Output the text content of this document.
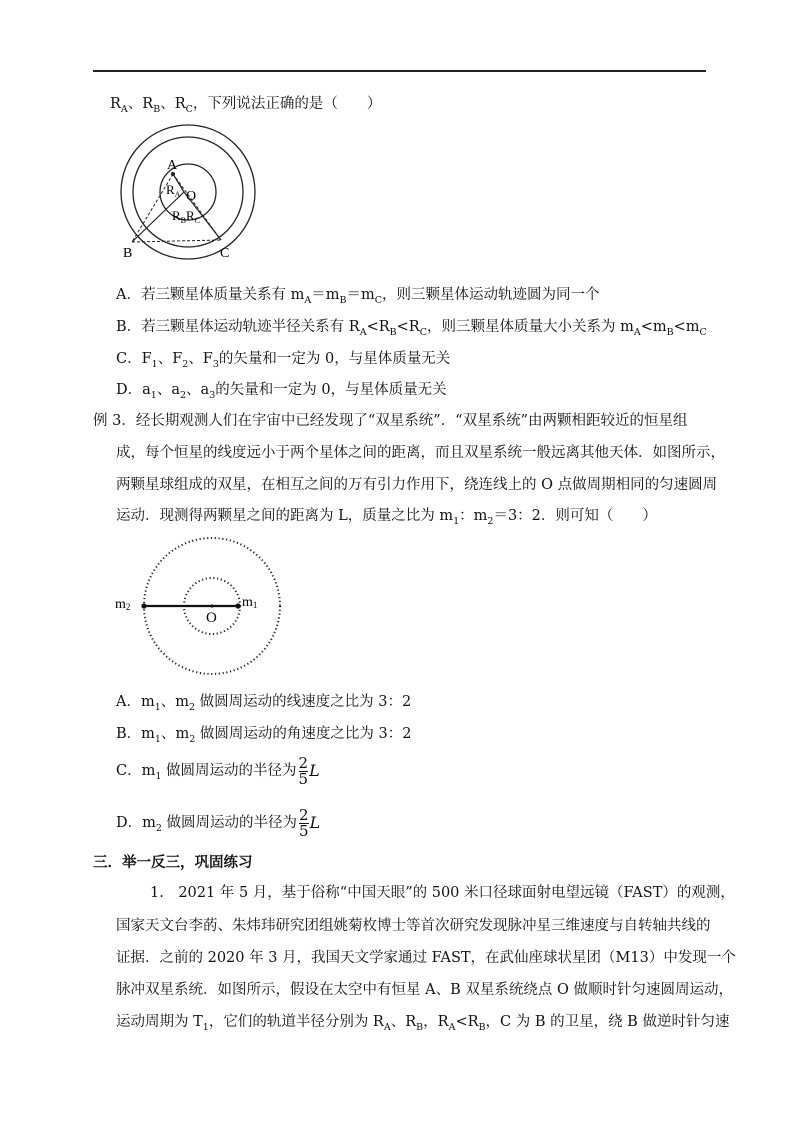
$R_A$、$R_B$、$R_C$，下列说法正确的是（　　）
A
B	C
O
$R_A$
$R_B$ $R_C$
A．若三颗星体质量关系有 $m_A=m_B=m_C$，则三颗星体运动轨迹圆为同一个
B．若三颗星体运动轨迹半径关系有 $R_A<R_B<R_C$，则三颗星体质量大小关系为 $m_A<m_B<m_C$
C．$F_1$、$F_2$、$F_3$的矢量和一定为 0，与星体质量无关
D．$a_1$、$a_2$、$a_3$的矢量和一定为 0，与星体质量无关
例 3．经长期观测人们在宇宙中已经发现了“双星系统”．“双星系统”由两颗相距较近的恒星组
成，每个恒星的线度远小于两个星体之间的距离，而且双星系统一般远离其他天体．如图所示，
两颗星球组成的双星，在相互之间的万有引力作用下，绕连线上的 O 点做周期相同的匀速圆周
运动．现测得两颗星之间的距离为 L，质量之比为 $m_1$：$m_2=3$：2．则可知（　　）
m2	m1
O
A．$m_1$、$m_2$ 做圆周运动的线速度之比为 3：2
B．$m_1$、$m_2$ 做圆周运动的角速度之比为 3：2
C．$m_1$ 做圆周运动的半径为 $\frac{2}{5}$ L
D．$m_2$ 做圆周运动的半径为 $\frac{2}{5}$ L
三．举一反三，巩固练习
1.　2021 年 5 月，基于俗称“中国天眼”的 500 米口径球面射电望远镜（FAST）的观测，
国家天文台李菂、朱炜玮研究团组姚菊枚博士等首次研究发现脉冲星三维速度与自转轴共线的
证据．之前的 2020 年 3 月，我国天文学家通过 FAST，在武仙座球状星团（M13）中发现一个
脉冲双星系统．如图所示，假设在太空中有恒星 A、B 双星系统绕点 O 做顺时针匀速圆周运动，
运动周期为 $T_1$，它们的轨道半径分别为 $R_A$、$R_B$，$R_A<R_B$，C 为 B 的卫星，绕 B 做逆时针匀速
